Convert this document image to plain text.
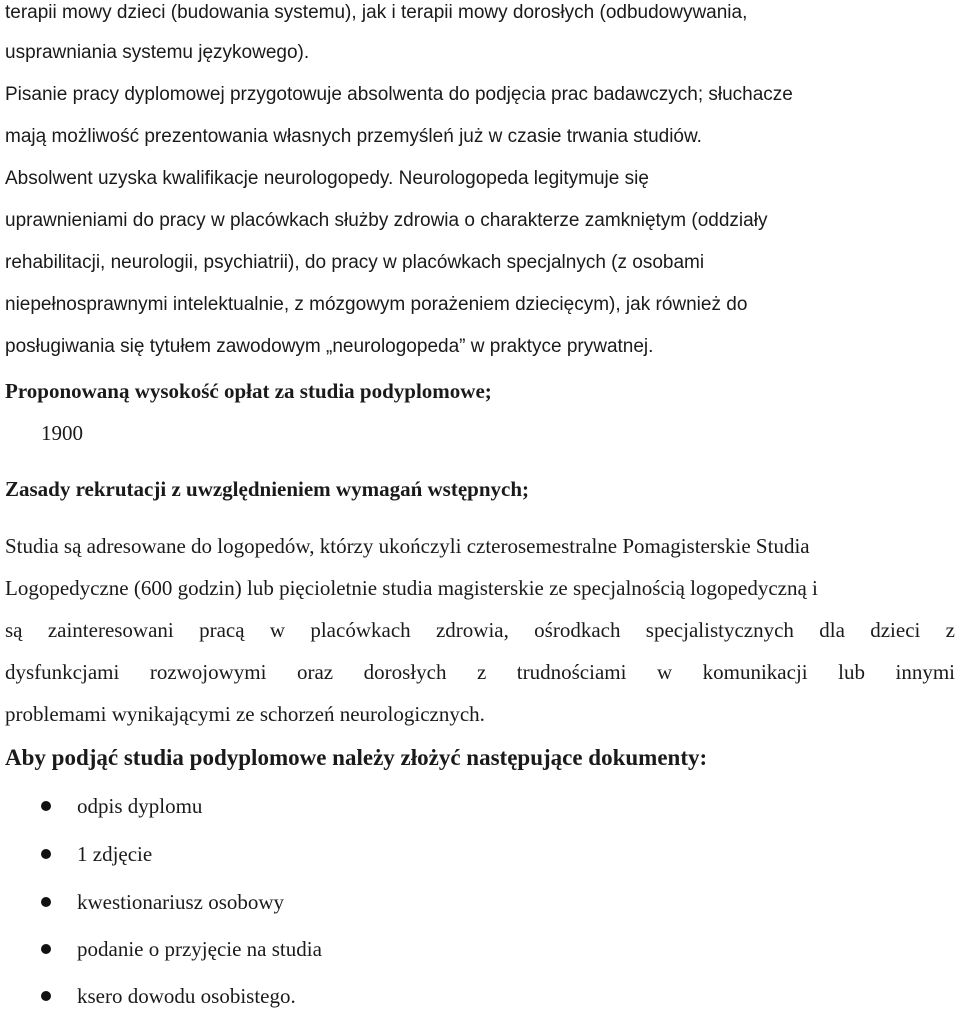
terapii mowy dzieci (budowania systemu), jak i terapii mowy dorosłych (odbudowywania,
usprawniania systemu językowego).
Pisanie pracy dyplomowej przygotowuje absolwenta do podjęcia prac badawczych; słuchacze
mają możliwość prezentowania własnych przemyśleń już w czasie trwania studiów.
Absolwent uzyska kwalifikacje neurologopedy. Neurologopeda legitymuje się
uprawnieniami do pracy w placówkach służby zdrowia o charakterze zamkniętym (oddziały
rehabilitacji, neurologii, psychiatrii), do pracy w placówkach specjalnych (z osobami
niepełnosprawnymi intelektualnie, z mózgowym porażeniem dziecięcym), jak również do
posługiwania się tytułem zawodowym „neurologopeda” w praktyce prywatnej.
Proponowaną wysokość opłat za studia podyplomowe;
1900
Zasady rekrutacji z uwzględnieniem wymagań wstępnych;
Studia są adresowane do logopedów, którzy ukończyli czterosemestralne Pomagisterskie Studia
Logopedyczne (600 godzin) lub pięcioletnie studia magisterskie ze specjalnością logopedyczną i
są zainteresowani pracą w placówkach zdrowia, ośrodkach specjalistycznych dla dzieci z
dysfunkcjami rozwojowymi oraz dorosłych z trudnościami w komunikacji lub innymi
problemami wynikającymi ze schorzeń neurologicznych.
Aby podjąć studia podyplomowe należy złożyć następujące dokumenty:
odpis dyplomu
1 zdjęcie
kwestionariusz osobowy
podanie o przyjęcie na studia
ksero dowodu osobistego.
